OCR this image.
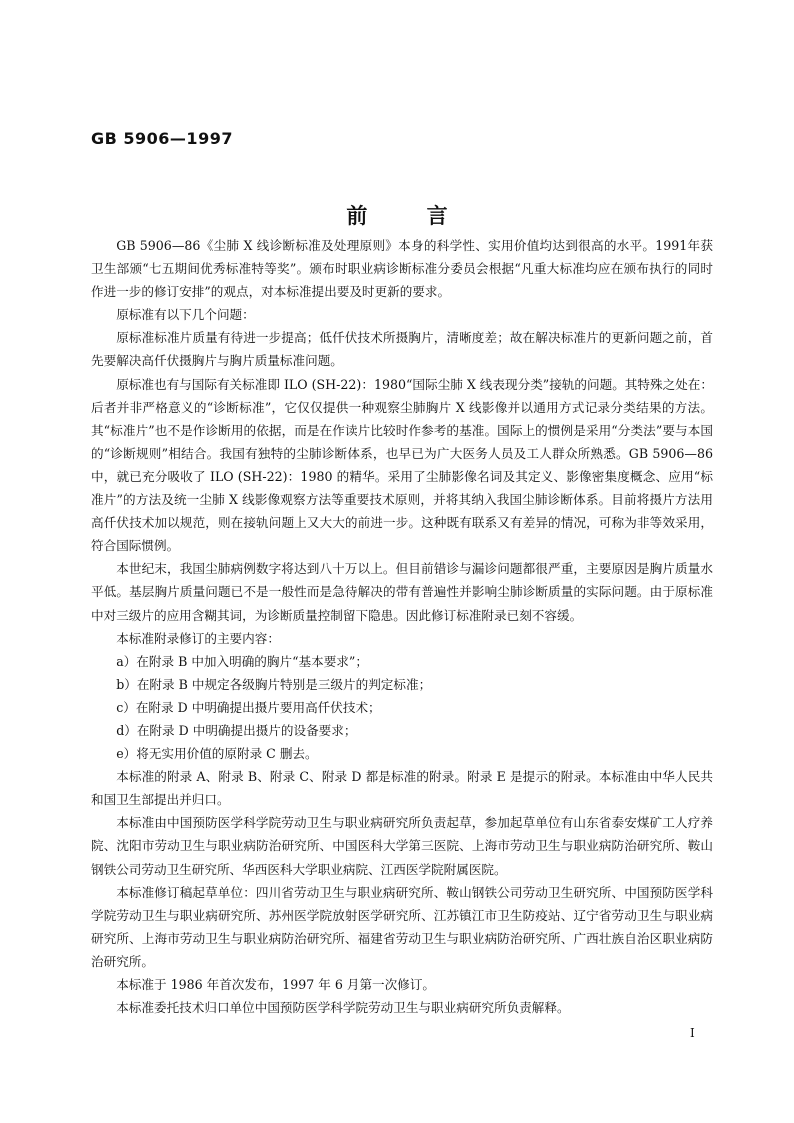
GB 5906—1997
前 言

GB 5906—86《尘肺 X 线诊断标准及处理原则》本身的科学性、实用价值均达到很高的水平。1991年获卫生部颁“七五期间优秀标准特等奖”。颁布时职业病诊断标准分委员会根据“凡重大标准均应在颁布执行的同时作进一步的修订安排”的观点，对本标准提出要及时更新的要求。

原标准有以下几个问题：

原标准标准片质量有待进一步提高；低仟伏技术所摄胸片，清晰度差；故在解决标准片的更新问题之前，首先要解决高仟伏摄胸片与胸片质量标准问题。

原标准也有与国际有关标准即 ILO (SH-22)：1980“国际尘肺 X 线表现分类”接轨的问题。其特殊之处在：后者并非严格意义的“诊断标准”，它仅仅提供一种观察尘肺胸片 X 线影像并以通用方式记录分类结果的方法。其“标准片”也不是作诊断用的依据，而是在作读片比较时作参考的基准。国际上的惯例是采用“分类法”要与本国的“诊断规则”相结合。我国有独特的尘肺诊断体系，也早已为广大医务人员及工人群众所熟悉。GB 5906—86 中，就已充分吸收了 ILO (SH-22)：1980 的精华。采用了尘肺影像名词及其定义、影像密集度概念、应用“标准片”的方法及统一尘肺 X 线影像观察方法等重要技术原则，并将其纳入我国尘肺诊断体系。目前将摄片方法用高仟伏技术加以规范，则在接轨问题上又大大的前进一步。这种既有联系又有差异的情况，可称为非等效采用，符合国际惯例。

本世纪末，我国尘肺病例数字将达到八十万以上。但目前错诊与漏诊问题都很严重，主要原因是胸片质量水平低。基层胸片质量问题已不是一般性而是急待解决的带有普遍性并影响尘肺诊断质量的实际问题。由于原标准中对三级片的应用含糊其词，为诊断质量控制留下隐患。因此修订标准附录已刻不容缓。

本标准附录修订的主要内容：

a）在附录 B 中加入明确的胸片“基本要求”；

b）在附录 B 中规定各级胸片特别是三级片的判定标准；

c）在附录 D 中明确提出摄片要用高仟伏技术；

d）在附录 D 中明确提出摄片的设备要求；

e）将无实用价值的原附录 C 删去。

本标准的附录 A、附录 B、附录 C、附录 D 都是标准的附录。附录 E 是提示的附录。本标准由中华人民共和国卫生部提出并归口。

本标准由中国预防医学科学院劳动卫生与职业病研究所负责起草，参加起草单位有山东省泰安煤矿工人疗养院、沈阳市劳动卫生与职业病防治研究所、中国医科大学第三医院、上海市劳动卫生与职业病防治研究所、鞍山钢铁公司劳动卫生研究所、华西医科大学职业病院、江西医学院附属医院。

本标准修订稿起草单位：四川省劳动卫生与职业病研究所、鞍山钢铁公司劳动卫生研究所、中国预防医学科学院劳动卫生与职业病研究所、苏州医学院放射医学研究所、江苏镇江市卫生防疫站、辽宁省劳动卫生与职业病研究所、上海市劳动卫生与职业病防治研究所、福建省劳动卫生与职业病防治研究所、广西壮族自治区职业病防治研究所。

本标准于 1986 年首次发布，1997 年 6 月第一次修订。

本标准委托技术归口单位中国预防医学科学院劳动卫生与职业病研究所负责解释。

I
